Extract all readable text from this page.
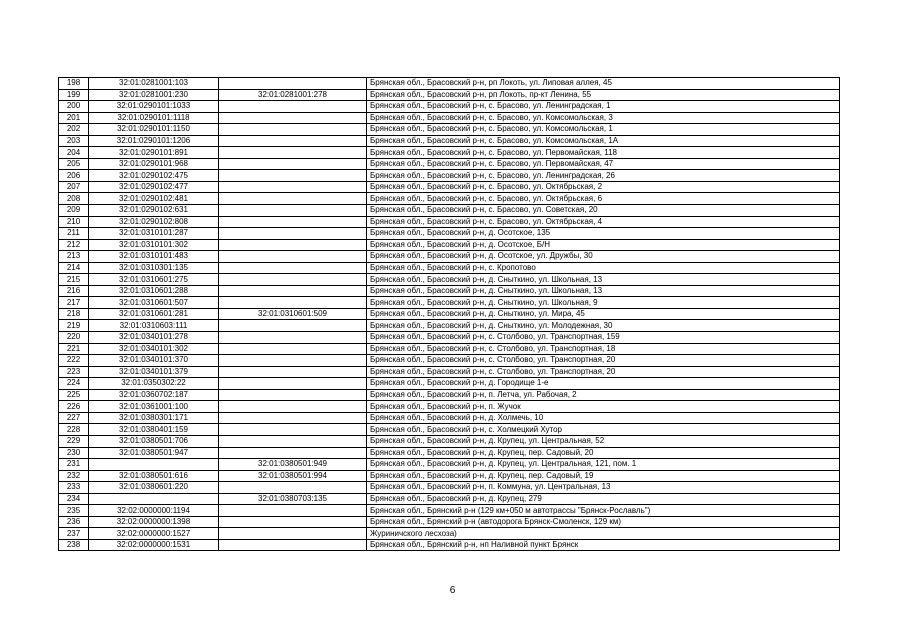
198	32:01:0281001:103		Брянская обл., Брасовский р-н, рп Локоть, ул. Липовая аллея, 45
199	32:01:0281001:230	32:01:0281001:278	Брянская обл., Брасовский р-н, рп Локоть, пр-кт Ленина, 55
200	32:01:0290101:1033		Брянская обл., Брасовский р-н, с. Брасово, ул. Ленинградская, 1
201	32:01:0290101:1118		Брянская обл., Брасовский р-н, с. Брасово, ул. Комсомольская, 3
202	32:01:0290101:1150		Брянская обл., Брасовский р-н, с. Брасово, ул. Комсомольская, 1
203	32:01:0290101:1206		Брянская обл., Брасовский р-н, с. Брасово, ул. Комсомольская, 1А
204	32:01:0290101:891		Брянская обл., Брасовский р-н, с. Брасово, ул. Первомайская, 118
205	32:01:0290101:968		Брянская обл., Брасовский р-н, с. Брасово, ул. Первомайская, 47
206	32:01:0290102:475		Брянская обл., Брасовский р-н, с. Брасово, ул. Ленинградская, 26
207	32:01:0290102:477		Брянская обл., Брасовский р-н, с. Брасово, ул. Октябрьская, 2
208	32:01:0290102:481		Брянская обл., Брасовский р-н, с. Брасово, ул. Октябрьская, 6
209	32:01:0290102:631		Брянская обл., Брасовский р-н, с. Брасово, ул. Советская, 20
210	32:01:0290102:808		Брянская обл., Брасовский р-н, с. Брасово, ул. Октябрьская, 4
211	32:01:0310101:287		Брянская обл., Брасовский р-н, д. Осотское, 135
212	32:01:0310101:302		Брянская обл., Брасовский р-н, д. Осотское, Б/Н
213	32:01:0310101:483		Брянская обл., Брасовский р-н, д. Осотское, ул. Дружбы, 30
214	32:01:0310301:135		Брянская обл., Брасовский р-н, с. Кропотово
215	32:01:0310601:275		Брянская обл., Брасовский р-н, д. Сныткино, ул. Школьная, 13
216	32:01:0310601:288		Брянская обл., Брасовский р-н, д. Сныткино, ул. Школьная, 13
217	32:01:0310601:507		Брянская обл., Брасовский р-н, д. Сныткино, ул. Школьная, 9
218	32:01:0310601:281	32:01:0310601:509	Брянская обл., Брасовский р-н, д. Сныткино, ул. Мира, 45
219	32:01:0310603:111		Брянская обл., Брасовский р-н, д. Сныткино, ул. Молодежная, 30
220	32:01:0340101:278		Брянская обл., Брасовский р-н, с. Столбово, ул. Транспортная, 159
221	32:01:0340101:302		Брянская обл., Брасовский р-н, с. Столбово, ул. Транспортная, 18
222	32:01:0340101:370		Брянская обл., Брасовский р-н, с. Столбово, ул. Транспортная, 20
223	32:01:0340101:379		Брянская обл., Брасовский р-н, с. Столбово, ул. Транспортная, 20
224	32:01:0350302:22		Брянская обл., Брасовский р-н, д. Городище 1-е
225	32:01:0360702:187		Брянская обл., Брасовский р-н, п. Летча, ул. Рабочая, 2
226	32:01:0361001:100		Брянская обл., Брасовский р-н, п. Жучок
227	32:01:0380301:171		Брянская обл., Брасовский р-н, д. Холмечь, 10
228	32:01:0380401:159		Брянская обл., Брасовский р-н, с. Холмецкий Хутор
229	32:01:0380501:706		Брянская обл., Брасовский р-н, д. Крупец, ул. Центральная, 52
230	32:01:0380501:947		Брянская обл., Брасовский р-н, д. Крупец, пер. Садовый, 20
231		32:01:0380501:949	Брянская обл., Брасовский р-н, д. Крупец, ул. Центральная, 121, пом. 1
232	32:01:0380501:616	32:01:0380501:994	Брянская обл., Брасовский р-н, д. Крупец, пер. Садовый, 19
233	32:01:0380601:220		Брянская обл., Брасовский р-н, п. Коммуна, ул. Центральная, 13
234		32:01:0380703:135	Брянская обл., Брасовский р-н, д. Крупец, 279
235	32:02:0000000:1194		Брянская обл., Брянский р-н (129 км+050 м автотрассы "Брянск-Рославль")
236	32:02:0000000:1398		Брянская обл., Брянский р-н (автодорога Брянск-Смоленск, 129 км)
237	32:02:0000000:1527		Журиничского лесхоза)
238	32:02:0000000:1531		Брянская обл., Брянский р-н, нп Наливной пункт Брянск
6
